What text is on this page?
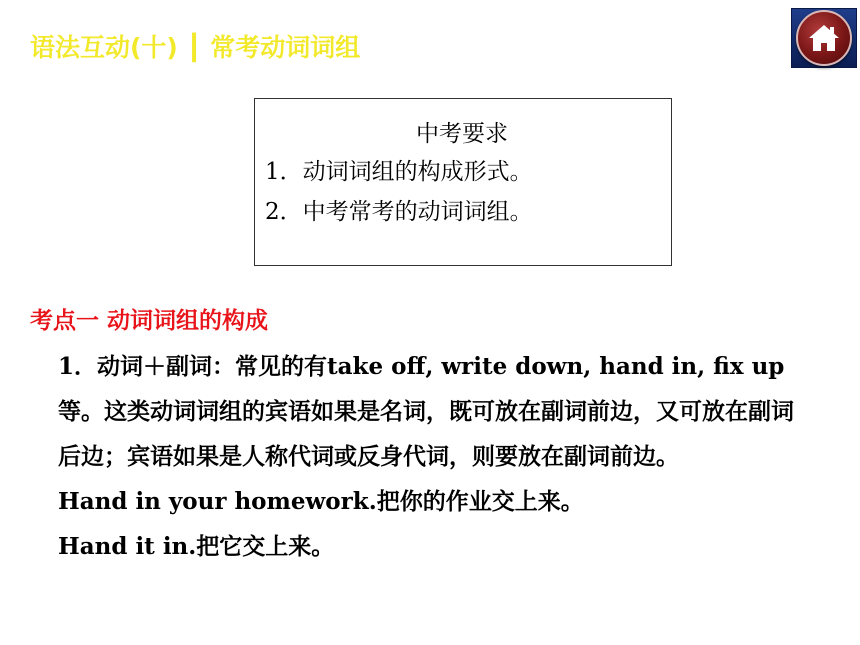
语法互动(十) ┃ 常考动词词组
中考要求
1．动词词组的构成形式。
2．中考常考的动词词组。
考点一 动词词组的构成

1．动词＋副词：常见的有take off, write down, hand in, fix up等。这类动词词组的宾语如果是名词，既可放在副词前边，又可放在副词后边；宾语如果是人称代词或反身代词，则要放在副词前边。

Hand in your homework.把你的作业交上来。

Hand it in.把它交上来。
